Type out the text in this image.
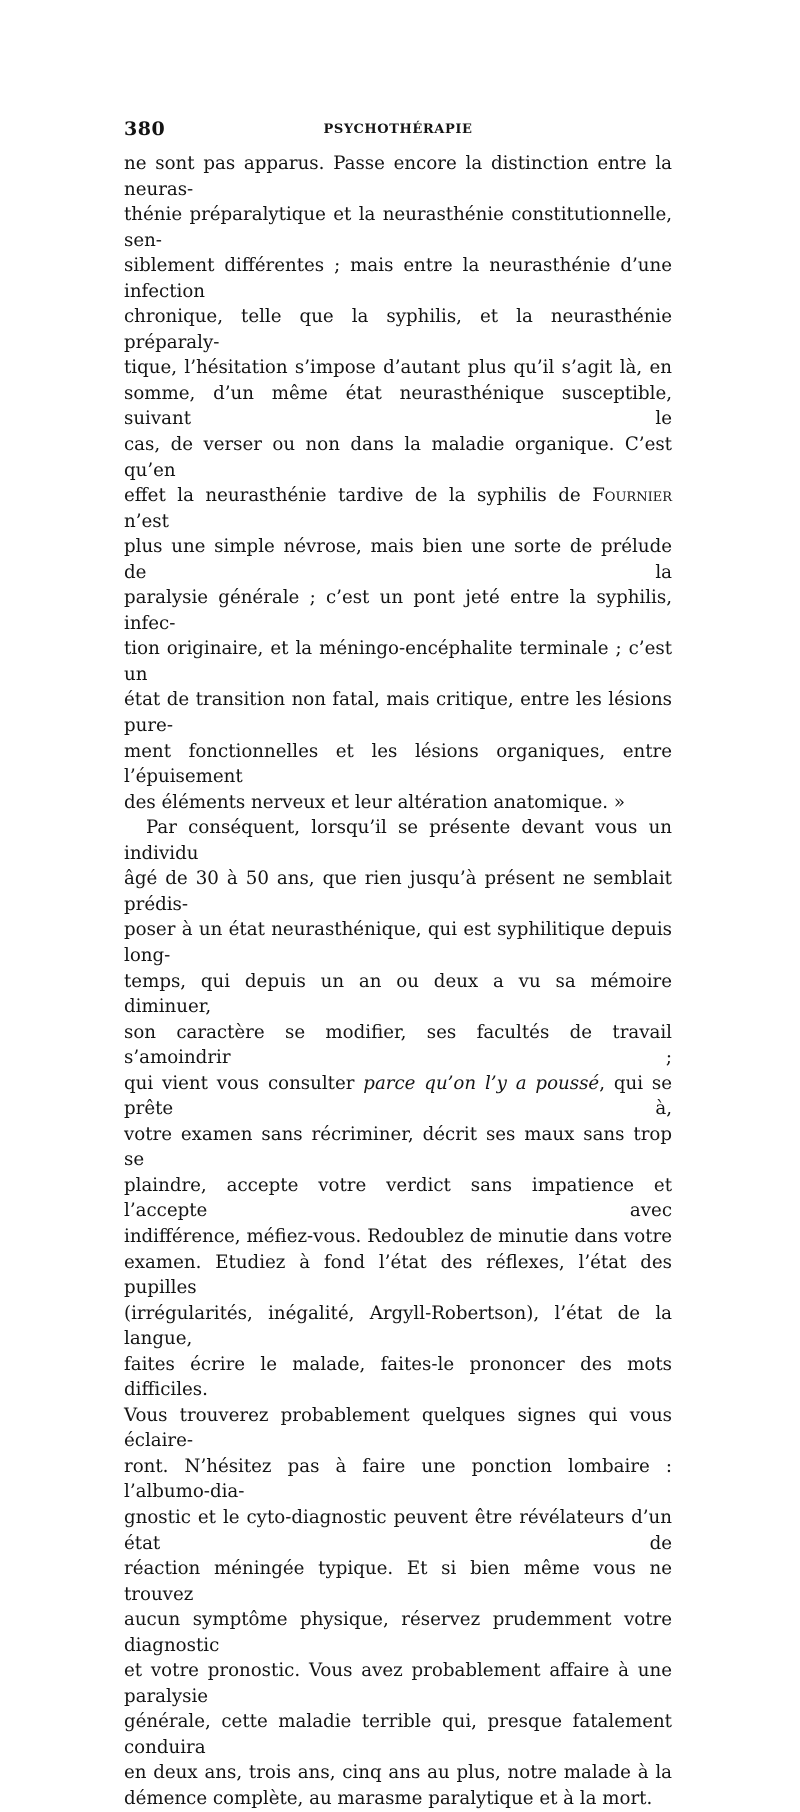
380	PSYCHOTHÉRAPIE
ne sont pas apparus. Passe encore la distinction entre la neuras-
thénie préparalytique et la neurasthénie constitutionnelle, sen-
siblement différentes ; mais entre la neurasthénie d’une infection
chronique, telle que la syphilis, et la neurasthénie préparaly-
tique, l’hésitation s’impose d’autant plus qu’il s’agit là, en
somme, d’un même état neurasthénique susceptible, suivant le
cas, de verser ou non dans la maladie organique. C’est qu’en
effet la neurasthénie tardive de la syphilis de Fournier n’est
plus une simple névrose, mais bien une sorte de prélude de la
paralysie générale ; c’est un pont jeté entre la syphilis, infec-
tion originaire, et la méningo-encéphalite terminale ; c’est un
état de transition non fatal, mais critique, entre les lésions pure-
ment fonctionnelles et les lésions organiques, entre l’épuisement
des éléments nerveux et leur altération anatomique. »
Par conséquent, lorsqu’il se présente devant vous un individu
âgé de 30 à 50 ans, que rien jusqu’à présent ne semblait prédis-
poser à un état neurasthénique, qui est syphilitique depuis long-
temps, qui depuis un an ou deux a vu sa mémoire diminuer,
son caractère se modifier, ses facultés de travail s’amoindrir ;
qui vient vous consulter parce qu’on l’y a poussé, qui se prête à,
votre examen sans récriminer, décrit ses maux sans trop se
plaindre, accepte votre verdict sans impatience et l’accepte avec
indifférence, méfiez-vous. Redoublez de minutie dans votre
examen. Etudiez à fond l’état des réflexes, l’état des pupilles
(irrégularités, inégalité, Argyll-Robertson), l’état de la langue,
faites écrire le malade, faites-le prononcer des mots difficiles.
Vous trouverez probablement quelques signes qui vous éclaire-
ront. N’hésitez pas à faire une ponction lombaire : l’albumo-dia-
gnostic et le cyto-diagnostic peuvent être révélateurs d’un état de
réaction méningée typique. Et si bien même vous ne trouvez
aucun symptôme physique, réservez prudemment votre diagnostic
et votre pronostic. Vous avez probablement affaire à une paralysie
générale, cette maladie terrible qui, presque fatalement conduira
en deux ans, trois ans, cinq ans au plus, notre malade à la
démence complète, au marasme paralytique et à la mort.
